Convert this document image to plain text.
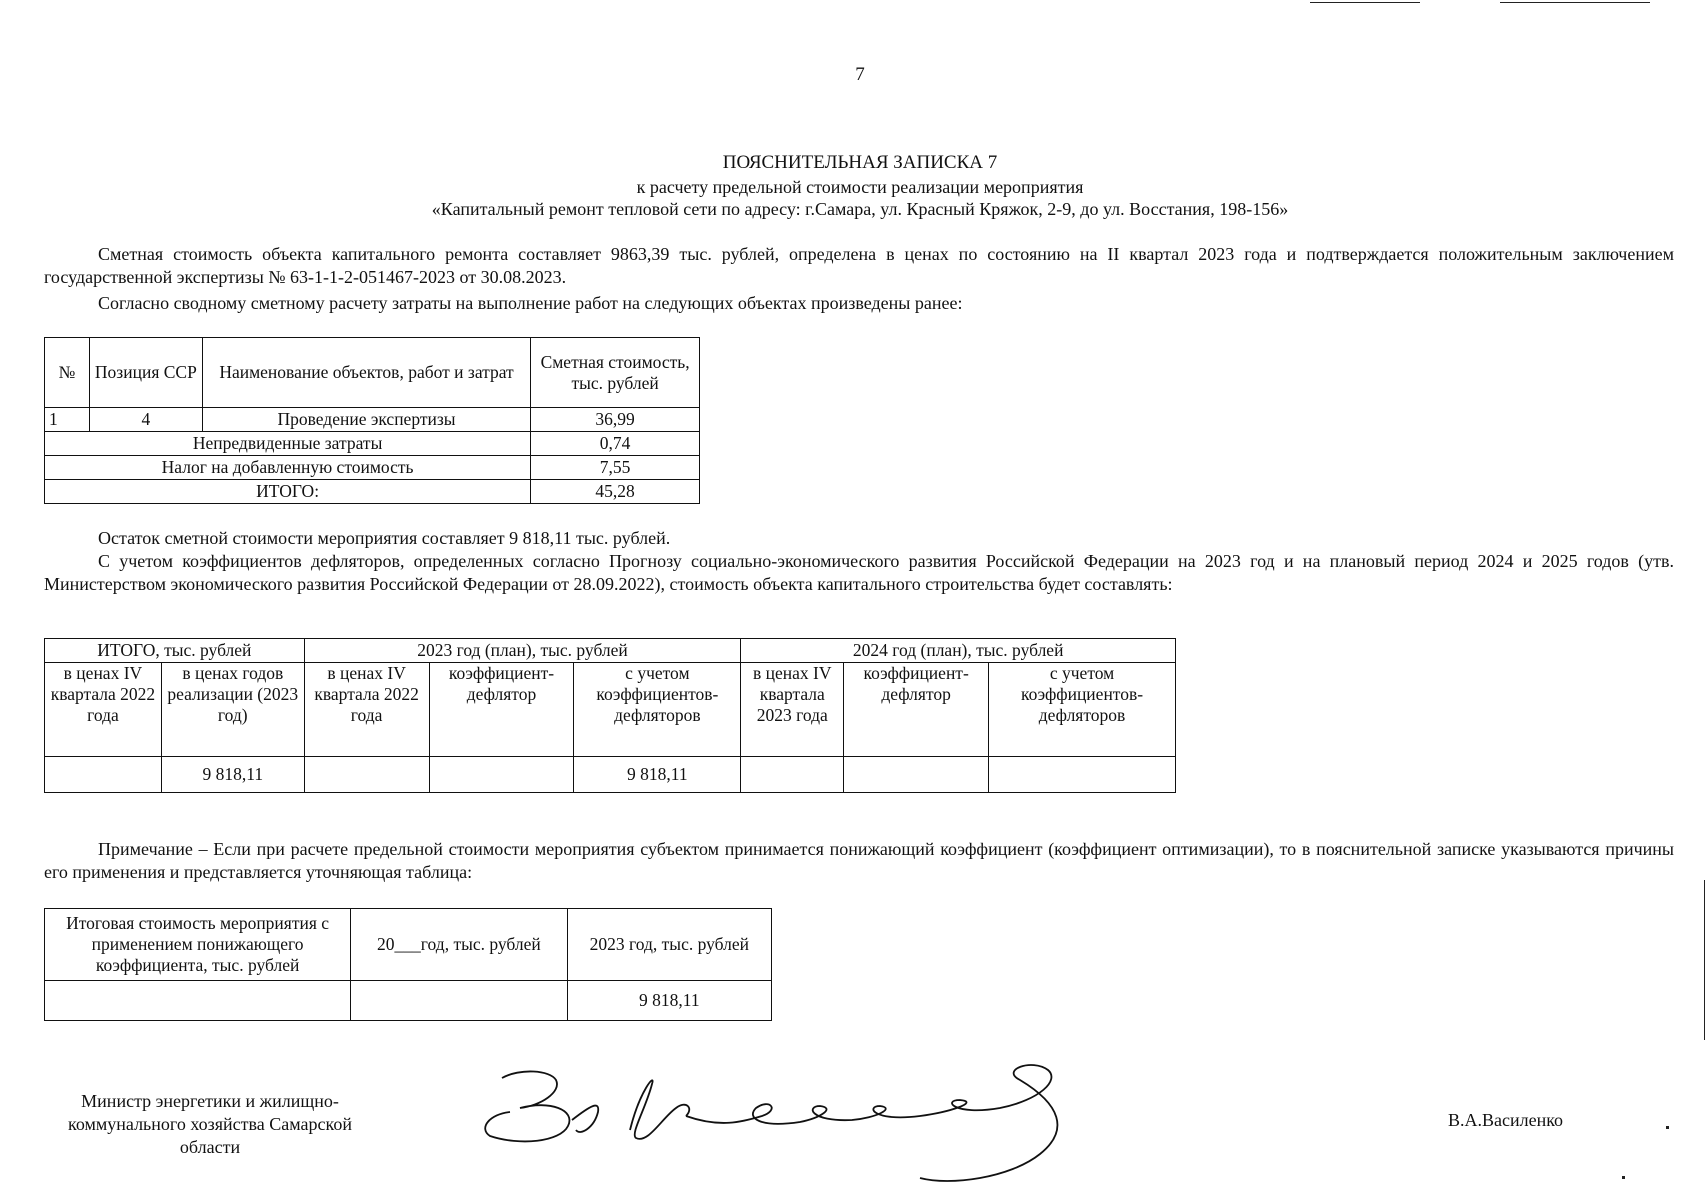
7
ПОЯСНИТЕЛЬНАЯ ЗАПИСКА 7
к расчету предельной стоимости реализации мероприятия
«Капитальный ремонт тепловой сети по адресу: г.Самара, ул. Красный Кряжок, 2-9, до ул. Восстания, 198-156»
Сметная стоимость объекта капитального ремонта составляет 9863,39 тыс. рублей, определена в ценах по состоянию на II квартал 2023 года и подтверждается положительным заключением государственной экспертизы № 63-1-1-2-051467-2023 от 30.08.2023.
Согласно сводному сметному расчету затраты на выполнение работ на следующих объектах произведены ранее:
№	Позиция ССР	Наименование объектов, работ и затрат	Сметная стоимость, тыс. рублей
1	4	Проведение экспертизы	36,99
Непредвиденные затраты			0,74
Налог на добавленную стоимость			7,55
ИТОГО:			45,28
Остаток сметной стоимости мероприятия составляет 9 818,11 тыс. рублей.
С учетом коэффициентов дефляторов, определенных согласно Прогнозу социально-экономического развития Российской Федерации на 2023 год и на плановый период 2024 и 2025 годов (утв. Министерством экономического развития Российской Федерации от 28.09.2022), стоимость объекта капитального строительства будет составлять:
ИТОГО, тыс. рублей		2023 год (план), тыс. рублей			2024 год (план), тыс. рублей		
в ценах IV квартала 2022 года	в ценах годов реализации (2023 год)	в ценах IV квартала 2022 года	коэффициент-дефлятор	с учетом коэффициентов-дефляторов	в ценах IV квартала 2023 года	коэффициент-дефлятор	с учетом коэффициентов-дефляторов
	9 818,11			9 818,11			
Примечание – Если при расчете предельной стоимости мероприятия субъектом принимается понижающий коэффициент (коэффициент оптимизации), то в пояснительной записке указываются причины его применения и представляется уточняющая таблица:
Итоговая стоимость мероприятия с применением понижающего коэффициента, тыс. рублей	20___год, тыс. рублей	2023 год, тыс. рублей
		9 818,11
Министр энергетики и жилищно-коммунального хозяйства Самарской области
В.А.Василенко
